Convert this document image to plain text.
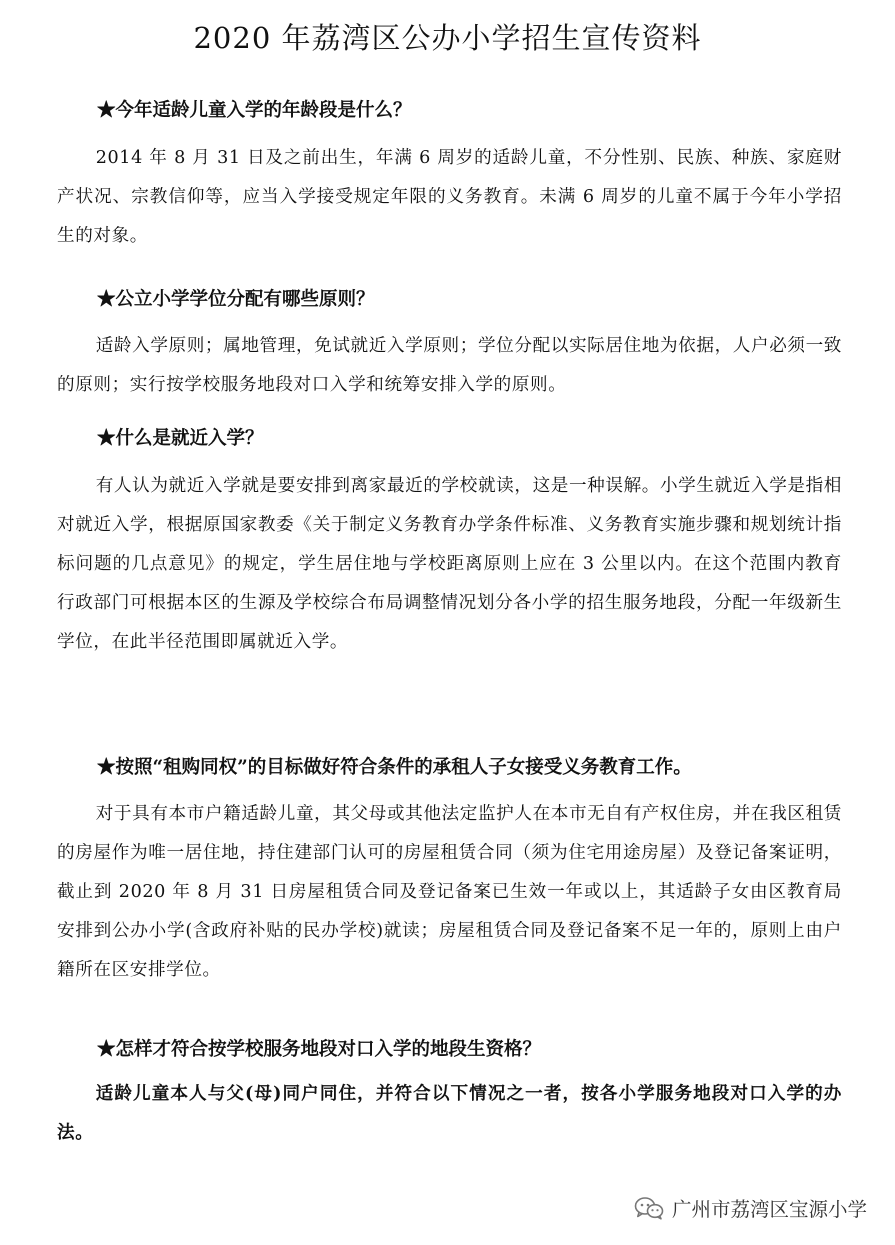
2020 年荔湾区公办小学招生宣传资料
★今年适龄儿童入学的年龄段是什么？

2014 年 8 月 31 日及之前出生，年满 6 周岁的适龄儿童，不分性别、民族、种族、家庭财产状况、宗教信仰等，应当入学接受规定年限的义务教育。未满 6 周岁的儿童不属于今年小学招生的对象。

★公立小学学位分配有哪些原则？

适龄入学原则；属地管理，免试就近入学原则；学位分配以实际居住地为依据，人户必须一致的原则；实行按学校服务地段对口入学和统筹安排入学的原则。

★什么是就近入学？

有人认为就近入学就是要安排到离家最近的学校就读，这是一种误解。小学生就近入学是指相对就近入学，根据原国家教委《关于制定义务教育办学条件标准、义务教育实施步骤和规划统计指标问题的几点意见》的规定，学生居住地与学校距离原则上应在 3 公里以内。在这个范围内教育行政部门可根据本区的生源及学校综合布局调整情况划分各小学的招生服务地段，分配一年级新生学位，在此半径范围即属就近入学。

★按照“租购同权”的目标做好符合条件的承租人子女接受义务教育工作。

对于具有本市户籍适龄儿童，其父母或其他法定监护人在本市无自有产权住房，并在我区租赁的房屋作为唯一居住地，持住建部门认可的房屋租赁合同（须为住宅用途房屋）及登记备案证明，截止到 2020 年 8 月 31 日房屋租赁合同及登记备案已生效一年或以上，其适龄子女由区教育局安排到公办小学(含政府补贴的民办学校)就读；房屋租赁合同及登记备案不足一年的，原则上由户籍所在区安排学位。

★怎样才符合按学校服务地段对口入学的地段生资格？

适龄儿童本人与父(母)同户同住，并符合以下情况之一者，按各小学服务地段对口入学的办法。

广州市荔湾区宝源小学
